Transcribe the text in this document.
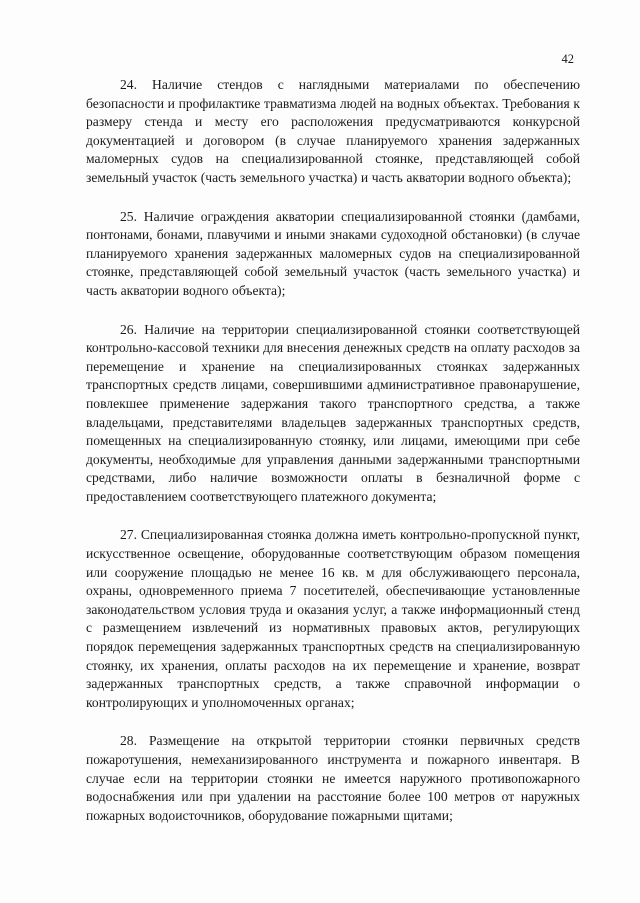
42

24. Наличие стендов с наглядными материалами по обеспечению безопасности и профилактике травматизма людей на водных объектах. Требования к размеру стенда и месту его расположения предусматриваются конкурсной документацией и договором (в случае планируемого хранения задержанных маломерных судов на специализированной стоянке, представляющей собой земельный участок (часть земельного участка) и часть акватории водного объекта);

25. Наличие ограждения акватории специализированной стоянки (дамбами, понтонами, бонами, плавучими и иными знаками судоходной обстановки) (в случае планируемого хранения задержанных маломерных судов на специализированной стоянке, представляющей собой земельный участок (часть земельного участка) и часть акватории водного объекта);

26. Наличие на территории специализированной стоянки соответствующей контрольно-кассовой техники для внесения денежных средств на оплату расходов за перемещение и хранение на специализированных стоянках задержанных транспортных средств лицами, совершившими административное правонарушение, повлекшее применение задержания такого транспортного средства, а также владельцами, представителями владельцев задержанных транспортных средств, помещенных на специализированную стоянку, или лицами, имеющими при себе документы, необходимые для управления данными задержанными транспортными средствами, либо наличие возможности оплаты в безналичной форме с предоставлением соответствующего платежного документа;

27. Специализированная стоянка должна иметь контрольно-пропускной пункт, искусственное освещение, оборудованные соответствующим образом помещения или сооружение площадью не менее 16 кв. м для обслуживающего персонала, охраны, одновременного приема 7 посетителей, обеспечивающие установленные законодательством условия труда и оказания услуг, а также информационный стенд с размещением извлечений из нормативных правовых актов, регулирующих порядок перемещения задержанных транспортных средств на специализированную стоянку, их хранения, оплаты расходов на их перемещение и хранение, возврат задержанных транспортных средств, а также справочной информации о контролирующих и уполномоченных органах;

28. Размещение на открытой территории стоянки первичных средств пожаротушения, немеханизированного инструмента и пожарного инвентаря. В случае если на территории стоянки не имеется наружного противопожарного водоснабжения или при удалении на расстояние более 100 метров от наружных пожарных водоисточников, оборудование пожарными щитами;
